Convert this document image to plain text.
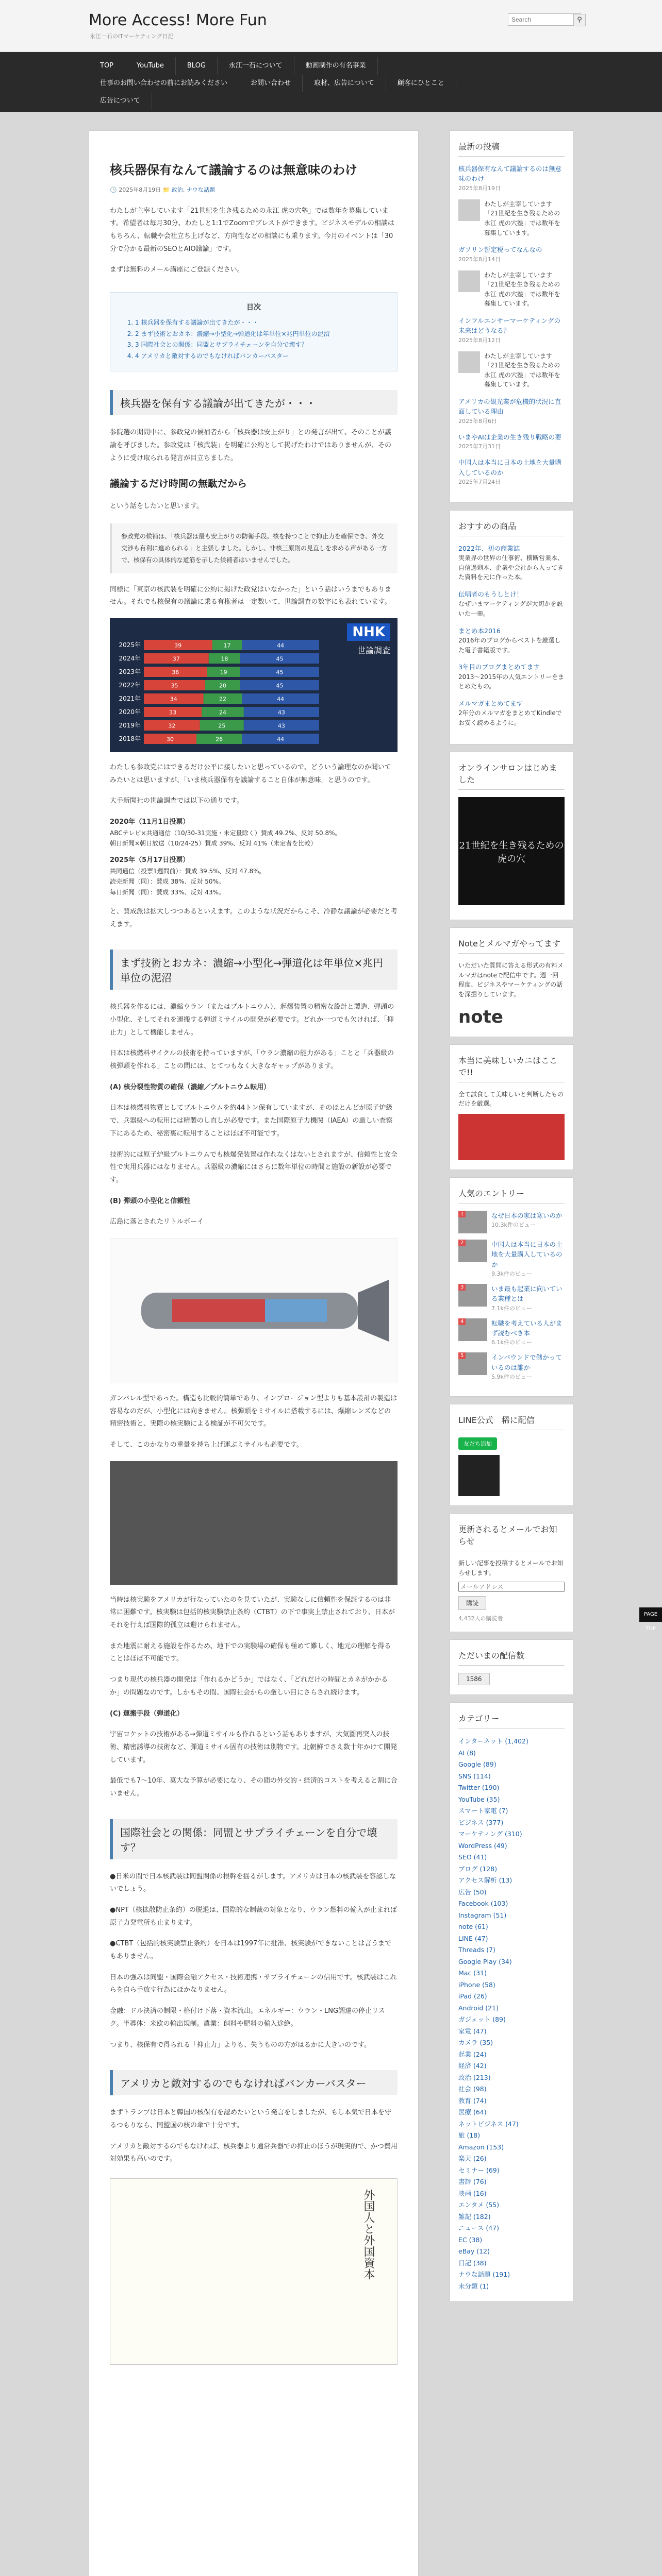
More Access! More Fun
永江一石のITマーケティング日記
Search
⚲
TOP	YouTube	BLOG	永江一石について	動画制作の有名事業
仕事のお問い合わせの前にお読みください	お問い合わせ	取材、広告について	顧客にひとこと
広告について
核兵器保有なんて議論するのは無意味のわけ
🕓 2025年8月19日 📁 政治, ナウな話題

わたしが主宰しています「21世紀を生き残るための永江 虎の穴塾」では数年を募集しています。希望者は毎月30分、わたしと1:1でZoomでブレストができます。ビジネスモデルの相談はもちろん、転職や会社立ち上げなど、方向性などの相談にも乗ります。今月のイベントは「30分で分かる最新のSEOとAIO議論」です。

まずは無料のメール講座にご登録ください。

目次
1. 1 核兵器を保有する議論が出てきたが・・・
2. 2 まず技術とおカネ：濃縮→小型化→弾道化は年単位×兆円単位の泥沼
3. 3 国際社会との関係：同盟とサプライチェーンを自分で壊す？
4. 4 アメリカと敵対するのでもなければバンカーバスター
核兵器を保有する議論が出てきたが・・・

参院選の期間中に、参政党の候補者から「核兵器は安上がり」との発言が出て、そのことが議論を呼びました。参政党は「核武装」を明確に公約として掲げたわけではありませんが、そのように受け取られる発言が目立ちました。

議論するだけ時間の無駄だから

という話をしたいと思います。

参政党の候補は、「核兵器は最も安上がりの防衛手段。核を持つことで抑止力を確保でき、外交交渉も有利に進められる」と主張しました。しかし、非核三原則の見直しを求める声がある一方で、核保有の具体的な道筋を示した候補者はいませんでした。

同様に「東京の核武装を明確に公約に掲げた政党はいなかった」という話はいうまでもありません。それでも核保有の議論に乗る有権者は一定数いて、世論調査の数字にも表れています。

NHK
世論調査
2025年	39	17	44
2024年	37	18	45
2023年	36	19	45
2022年	35	20	45
2021年	34	22	44
2020年	33	24	43
2019年	32	25	43
2018年	30	26	44

わたしも参政党にはできるだけ公平に接したいと思っているので、どういう論理なのか聞いてみたいとは思いますが、「いま核兵器保有を議論すること自体が無意味」と思うのです。

大手新聞社の世論調査では以下の通りです。

2020年（11月1日投票）

ABCテレビ×共通通信（10/30-31実施・未定量除く）賛成 49.2%、反対 50.8%。

朝日新聞×朝日放送（10/24-25）賛成 39%、反対 41%（未定者を比較）

2025年（5月17日投票）

共同通信（投票1週間前）：賛成 39.5%、反対 47.8%。

読売新聞（同）：賛成 38%、反対 50%。

毎日新聞（同）：賛成 33%、反対 43%。

と、賛成派は拡大しつつあるといえます。このような状況だからこそ、冷静な議論が必要だと考えます。

まず技術とおカネ：濃縮→小型化→弾道化は年単位×兆円単位の泥沼

核兵器を作るには、濃縮ウラン（またはプルトニウム）、起爆装置の精密な設計と製造、弾頭の小型化、そしてそれを運搬する弾道ミサイルの開発が必要です。どれか一つでも欠ければ、「抑止力」として機能しません。

日本は核燃料サイクルの技術を持っていますが、「ウラン濃縮の能力がある」ことと「兵器級の核弾頭を作れる」ことの間には、とてつもなく大きなギャップがあります。

(A) 核分裂性物質の確保（濃縮／プルトニウム転用）

日本は核燃料物質としてプルトニウムを約44トン保有していますが、そのほとんどが原子炉級で、兵器級への転用には精製のし直しが必要です。また国際原子力機関（IAEA）の厳しい査察下にあるため、秘密裏に転用することはほぼ不可能です。

技術的には原子炉級プルトニウムでも核爆発装置は作れなくはないとされますが、信頼性と安全性で実用兵器にはなりません。兵器級の濃縮にはさらに数年単位の時間と施設の新設が必要です。

(B) 弾頭の小型化と信頼性

広島に落とされたリトルボーイ

ガンバレル型であった。構造も比較的簡単であり、インプロージョン型よりも基本設計の製造は容易なのだが、小型化には向きません。核弾頭をミサイルに搭載するには、爆縮レンズなどの精密技術と、実際の核実験による検証が不可欠です。

そして、このかなりの重量を持ち上げ運ぶミサイルも必要です。

当時は核実験をアメリカが行なっていたのを見ていたが、実験なしに信頼性を保証するのは非常に困難です。核実験は包括的核実験禁止条約（CTBT）の下で事実上禁止されており、日本がそれを行えば国際的孤立は避けられません。

また地震に耐える施設を作るため、地下での実験場の確保も極めて難しく、地元の理解を得ることはほぼ不可能です。

つまり現代の核兵器の開発は「作れるかどうか」ではなく、「どれだけの時間とカネがかかるか」の問題なのです。しかもその間、国際社会からの厳しい目にさらされ続けます。

(C) 運搬手段（弾道化）

宇宙ロケットの技術がある→弾道ミサイルも作れるという話もありますが、大気圏再突入の技術、精密誘導の技術など、弾道ミサイル固有の技術は別物です。北朝鮮でさえ数十年かけて開発しています。

最低でも7〜10年、莫大な予算が必要になり、その間の外交的・経済的コストを考えると割に合いません。

国際社会との関係：同盟とサプライチェーンを自分で壊す？

●日米の間で日本核武装は同盟関係の根幹を揺るがします。アメリカは日本の核武装を容認しないでしょう。

●NPT（核拡散防止条約）の脱退は、国際的な制裁の対象となり、ウラン燃料の輸入が止まれば原子力発電所も止まります。

●CTBT（包括的核実験禁止条約）を日本は1997年に批准、核実験ができないことは言うまでもありません。

日本の強みは同盟・国際金融アクセス・技術連携・サプライチェーンの信用です。核武装はこれらを自ら手放す行為にほかなりません。

金融：ドル決済の制限・格付け下落・資本流出。エネルギー：ウラン・LNG調達の停止リスク。半導体：米欧の輸出規制。農業：飼料や肥料の輸入途絶。

つまり、核保有で得られる「抑止力」よりも、失うものの方がはるかに大きいのです。

アメリカと敵対するのでもなければバンカーバスター

まずトランプは日本と韓国の核保有を認めたいという発言をしましたが、もし本気で日本を守るつもりなら、同盟国の核の傘で十分です。

アメリカと敵対するのでもなければ、核兵器より通常兵器での抑止のほうが現実的で、かつ費用対効果も高いのです。

外国人と外国資本
最新の投稿
核兵器保有なんて議論するのは無意味のわけ
2025年8月19日
わたしが主宰しています「21世紀を生き残るための永江 虎の穴塾」では数年を募集しています。
ガソリン暫定税ってなんなの
2025年8月14日
わたしが主宰しています「21世紀を生き残るための永江 虎の穴塾」では数年を募集しています。
インフルエンサーマーケティングの未来はどうなる？
2025年8月12日
わたしが主宰しています「21世紀を生き残るための永江 虎の穴塾」では数年を募集しています。
アメリカの観光業が危機的状況に直面している理由
2025年8月6日
いまやAIは企業の生き残り戦略の要
2025年7月31日
中国人は本当に日本の土地を大量購入しているのか
2025年7月24日
おすすめの商品
2022年、初の商業誌
実業界の世界の仕事術、横断営業本、自信過剰本、企業や会社から入ってきた資料を元に作った本。
伝唱者のもうしとけ！
なぜいまマーケティングが大切かを説いた一冊。
まとめ本2016
2016年のブログからベストを厳選した電子書籍版です。
3年目のブログまとめてます
2013〜2015年の人気エントリーをまとめたもの。
メルマガまとめてます
2年分のメルマガをまとめてKindleでお安く読めるように。
オンラインサロンはじめました
21世紀を生き残るための虎の穴
Noteとメルマガやってます
いただいた質問に答える形式の有料メルマガはnoteで配信中です。週一回程度、ビジネスやマーケティングの話を深掘りしています。
note
本当に美味しいカニはここで!!
全て試食して美味しいと判断したものだけを厳選。
人気のエントリー
1	なぜ日本の家は寒いのか
10.3k件のビュー
2	中国人は本当に日本の土地を大量購入しているのか
9.3k件のビュー
3	いま最も起業に向いている業種とは
7.1k件のビュー
4	転職を考えている人がまず読むべき本
6.1k件のビュー
5	インバウンドで儲かっているのは誰か
5.9k件のビュー
LINE公式　稀に配信
友だち追加
更新されるとメールでお知らせ
新しい記事を投稿するとメールでお知らせします。
メールアドレス 購読
4,432人の購読者
ただいまの配信数
1586
カテゴリー
インターネット (1,402)
AI (8)
Google (89)
SNS (114)
Twitter (190)
YouTube (35)
スマート家電 (7)
ビジネス (377)
マーケティング (310)
WordPress (49)
SEO (41)
ブログ (128)
アクセス解析 (13)
広告 (50)
Facebook (103)
Instagram (51)
note (61)
LINE (47)
Threads (7)
Google Play (34)
Mac (31)
iPhone (58)
iPad (26)
Android (21)
ガジェット (89)
家電 (47)
カメラ (35)
起業 (24)
経済 (42)
政治 (213)
社会 (98)
教育 (74)
医療 (64)
ネットビジネス (47)
旅 (18)
Amazon (153)
楽天 (26)
セミナー (69)
書評 (76)
映画 (16)
エンタメ (55)
雑記 (182)
ニュース (47)
EC (38)
eBay (12)
日記 (38)
ナウな話題 (191)
未分類 (1)
PAGE TOP
